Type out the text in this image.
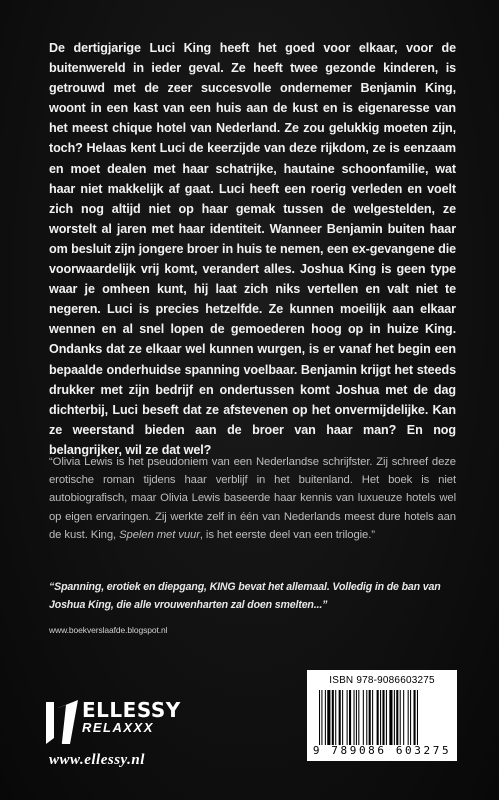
De dertigjarige Luci King heeft het goed voor elkaar, voor de buitenwereld in ieder geval. Ze heeft twee gezonde kinderen, is getrouwd met de zeer succesvolle ondernemer Benjamin King, woont in een kast van een huis aan de kust en is eigenaresse van het meest chique hotel van Nederland. Ze zou gelukkig moeten zijn, toch? Helaas kent Luci de keerzijde van deze rijkdom, ze is eenzaam en moet dealen met haar schatrijke, hautaine schoonfamilie, wat haar niet makkelijk af gaat. Luci heeft een roerig verleden en voelt zich nog altijd niet op haar gemak tussen de welgestelden, ze worstelt al jaren met haar identiteit. Wanneer Benjamin buiten haar om besluit zijn jongere broer in huis te nemen, een ex-gevangene die voorwaardelijk vrij komt, verandert alles. Joshua King is geen type waar je omheen kunt, hij laat zich niks vertellen en valt niet te negeren. Luci is precies hetzelfde. Ze kunnen moeilijk aan elkaar wennen en al snel lopen de gemoederen hoog op in huize King. Ondanks dat ze elkaar wel kunnen wurgen, is er vanaf het begin een bepaalde onderhuidse spanning voelbaar. Benjamin krijgt het steeds drukker met zijn bedrijf en ondertussen komt Joshua met de dag dichterbij, Luci beseft dat ze afstevenen op het onvermijdelijke. Kan ze weerstand bieden aan de broer van haar man? En nog belangrijker, wil ze dat wel?

“Olivia Lewis is het pseudoniem van een Nederlandse schrijfster. Zij schreef deze erotische roman tijdens haar verblijf in het buitenland. Het boek is niet autobiografisch, maar Olivia Lewis baseerde haar kennis van luxueuze hotels wel op eigen ervaringen. Zij werkte zelf in één van Nederlands meest dure hotels aan de kust. King, Spelen met vuur, is het eerste deel van een trilogie.”

“Spanning, erotiek en diepgang, KING bevat het allemaal. Volledig in de ban van Joshua King, die alle vrouwenharten zal doen smelten...”

www.boekverslaafde.blogspot.nl

ELLESSY

RELAXXX

www.ellessy.nl

ISBN 978-9086603275

9 789086 603275
